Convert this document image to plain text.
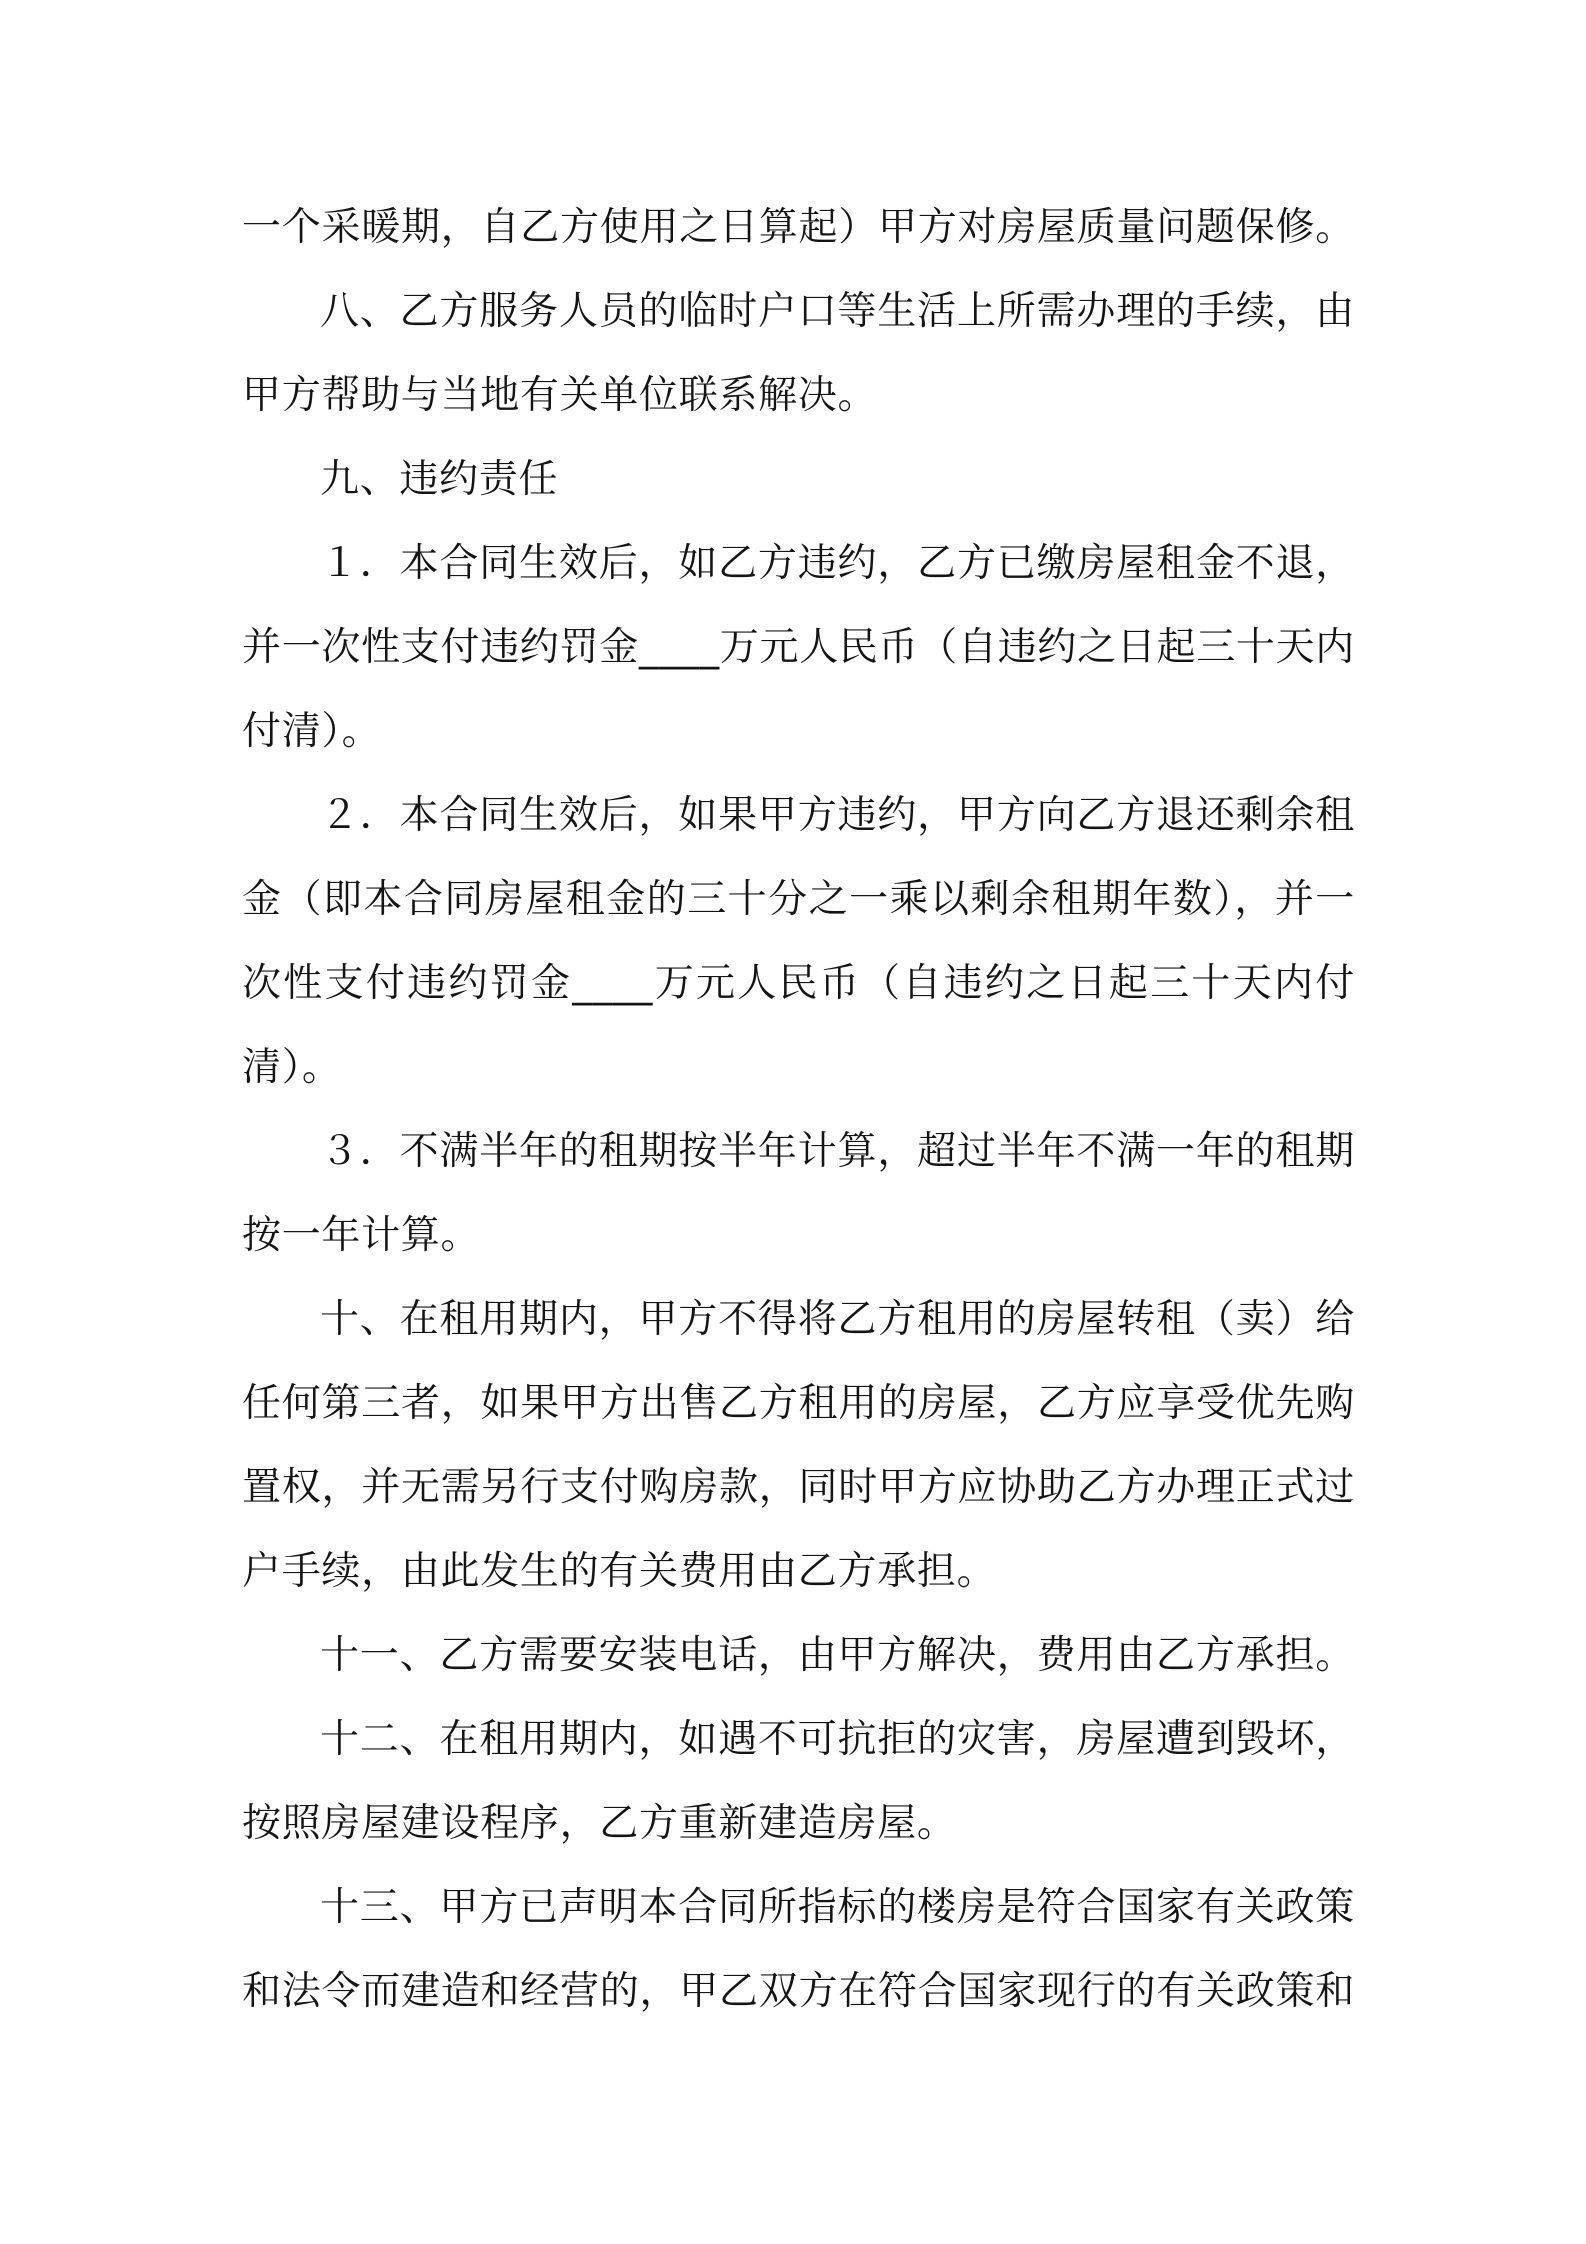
一个采暖期，自乙方使用之日算起）甲方对房屋质量问题保修。
八、乙方服务人员的临时户口等生活上所需办理的手续，由
甲方帮助与当地有关单位联系解决。
九、违约责任
１．本合同生效后，如乙方违约，乙方已缴房屋租金不退，
并一次性支付违约罚金____万元人民币（自违约之日起三十天内
付清）。
２．本合同生效后，如果甲方违约，甲方向乙方退还剩余租
金（即本合同房屋租金的三十分之一乘以剩余租期年数），并一
次性支付违约罚金____万元人民币（自违约之日起三十天内付
清）。
３．不满半年的租期按半年计算，超过半年不满一年的租期
按一年计算。
十、在租用期内，甲方不得将乙方租用的房屋转租（卖）给
任何第三者，如果甲方出售乙方租用的房屋，乙方应享受优先购
置权，并无需另行支付购房款，同时甲方应协助乙方办理正式过
户手续，由此发生的有关费用由乙方承担。
十一、乙方需要安装电话，由甲方解决，费用由乙方承担。
十二、在租用期内，如遇不可抗拒的灾害，房屋遭到毁坏，
按照房屋建设程序，乙方重新建造房屋。
十三、甲方已声明本合同所指标的楼房是符合国家有关政策
和法令而建造和经营的，甲乙双方在符合国家现行的有关政策和
